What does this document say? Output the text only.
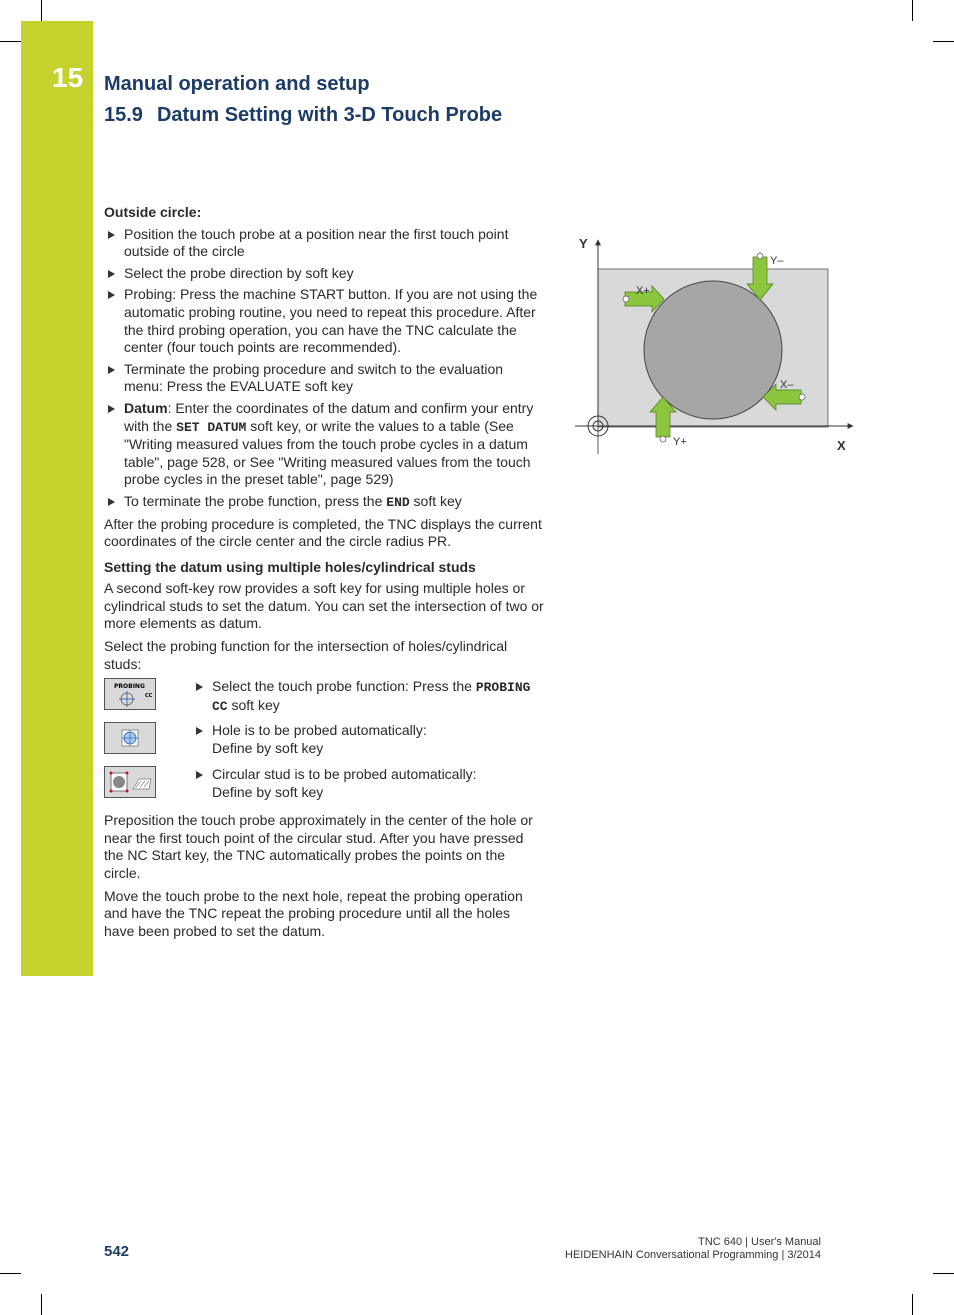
15 Manual operation and setup
15.9 Datum Setting with 3-D Touch Probe
Outside circle:
Position the touch probe at a position near the first touch point outside of the circle
Select the probe direction by soft key
Probing: Press the machine START button. If you are not using the automatic probing routine, you need to repeat this procedure. After the third probing operation, you can have the TNC calculate the center (four touch points are recommended).
Terminate the probing procedure and switch to the evaluation menu: Press the EVALUATE soft key
Datum: Enter the coordinates of the datum and confirm your entry with the SET DATUM soft key, or write the values to a table (See "Writing measured values from the touch probe cycles in a datum table", page 528, or See "Writing measured values from the touch probe cycles in the preset table", page 529)
To terminate the probe function, press the END soft key

After the probing procedure is completed, the TNC displays the current coordinates of the circle center and the circle radius PR.

Setting the datum using multiple holes/cylindrical studs

A second soft-key row provides a soft key for using multiple holes or cylindrical studs to set the datum. You can set the intersection of two or more elements as datum.

Select the probing function for the intersection of holes/cylindrical studs:

PROBING
CC
Select the touch probe function: Press the PROBING CC soft key
Hole is to be probed automatically:
Define by soft key
Circular stud is to be probed automatically:
Define by soft key

Preposition the touch probe approximately in the center of the hole or near the first touch point of the circular stud. After you have pressed the NC Start key, the TNC automatically probes the points on the circle.

Move the touch probe to the next hole, repeat the probing operation and have the TNC repeat the probing procedure until all the holes have been probed to set the datum.

Y
X
X+
Y–
X–
Y+
542
TNC 640 | User's Manual
HEIDENHAIN Conversational Programming | 3/2014
